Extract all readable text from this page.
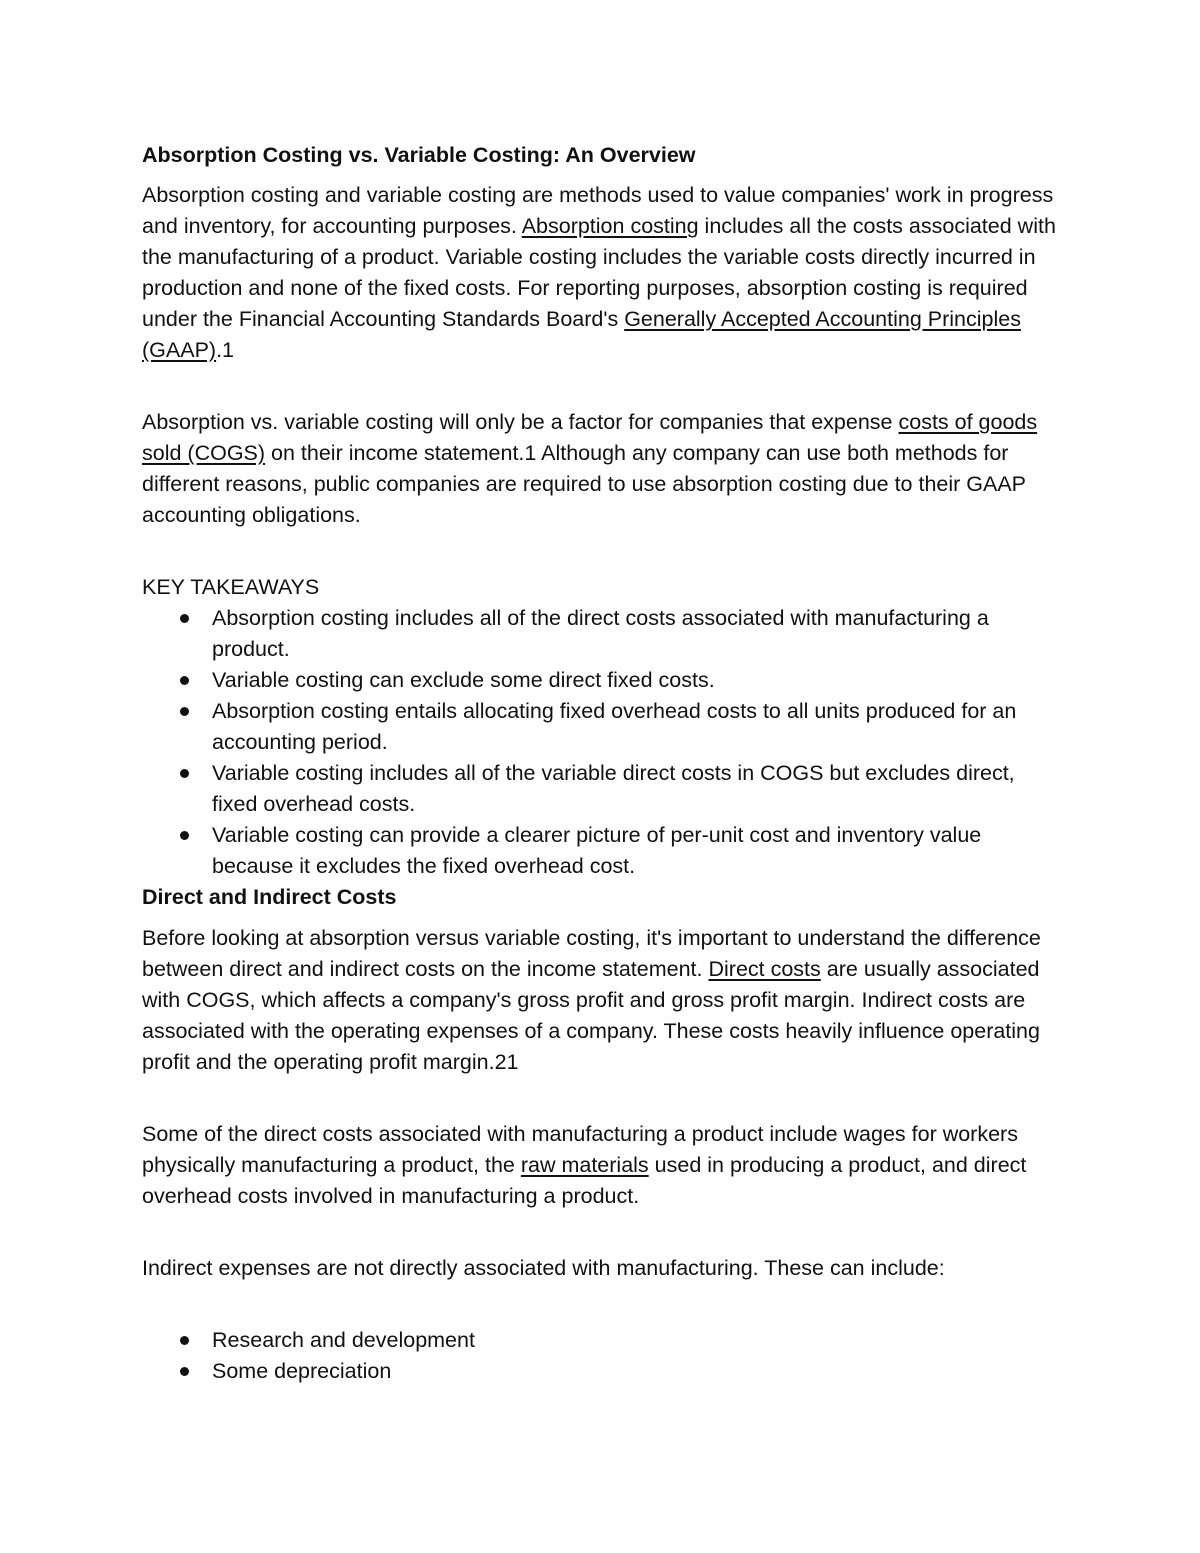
Absorption Costing vs. Variable Costing: An Overview

Absorption costing and variable costing are methods used to value companies' work in progress and inventory, for accounting purposes. Absorption costing includes all the costs associated with the manufacturing of a product. Variable costing includes the variable costs directly incurred in production and none of the fixed costs. For reporting purposes, absorption costing is required under the Financial Accounting Standards Board's Generally Accepted Accounting Principles (GAAP).1

Absorption vs. variable costing will only be a factor for companies that expense costs of goods sold (COGS) on their income statement.1 Although any company can use both methods for different reasons, public companies are required to use absorption costing due to their GAAP accounting obligations.

KEY TAKEAWAYS

Absorption costing includes all of the direct costs associated with manufacturing a product.
Variable costing can exclude some direct fixed costs.
Absorption costing entails allocating fixed overhead costs to all units produced for an accounting period.
Variable costing includes all of the variable direct costs in COGS but excludes direct, fixed overhead costs.
Variable costing can provide a clearer picture of per-unit cost and inventory value because it excludes the fixed overhead cost.
Direct and Indirect Costs

Before looking at absorption versus variable costing, it's important to understand the difference between direct and indirect costs on the income statement. Direct costs are usually associated with COGS, which affects a company's gross profit and gross profit margin. Indirect costs are associated with the operating expenses of a company. These costs heavily influence operating profit and the operating profit margin.21

Some of the direct costs associated with manufacturing a product include wages for workers physically manufacturing a product, the raw materials used in producing a product, and direct overhead costs involved in manufacturing a product.

Indirect expenses are not directly associated with manufacturing. These can include:

Research and development
Some depreciation
